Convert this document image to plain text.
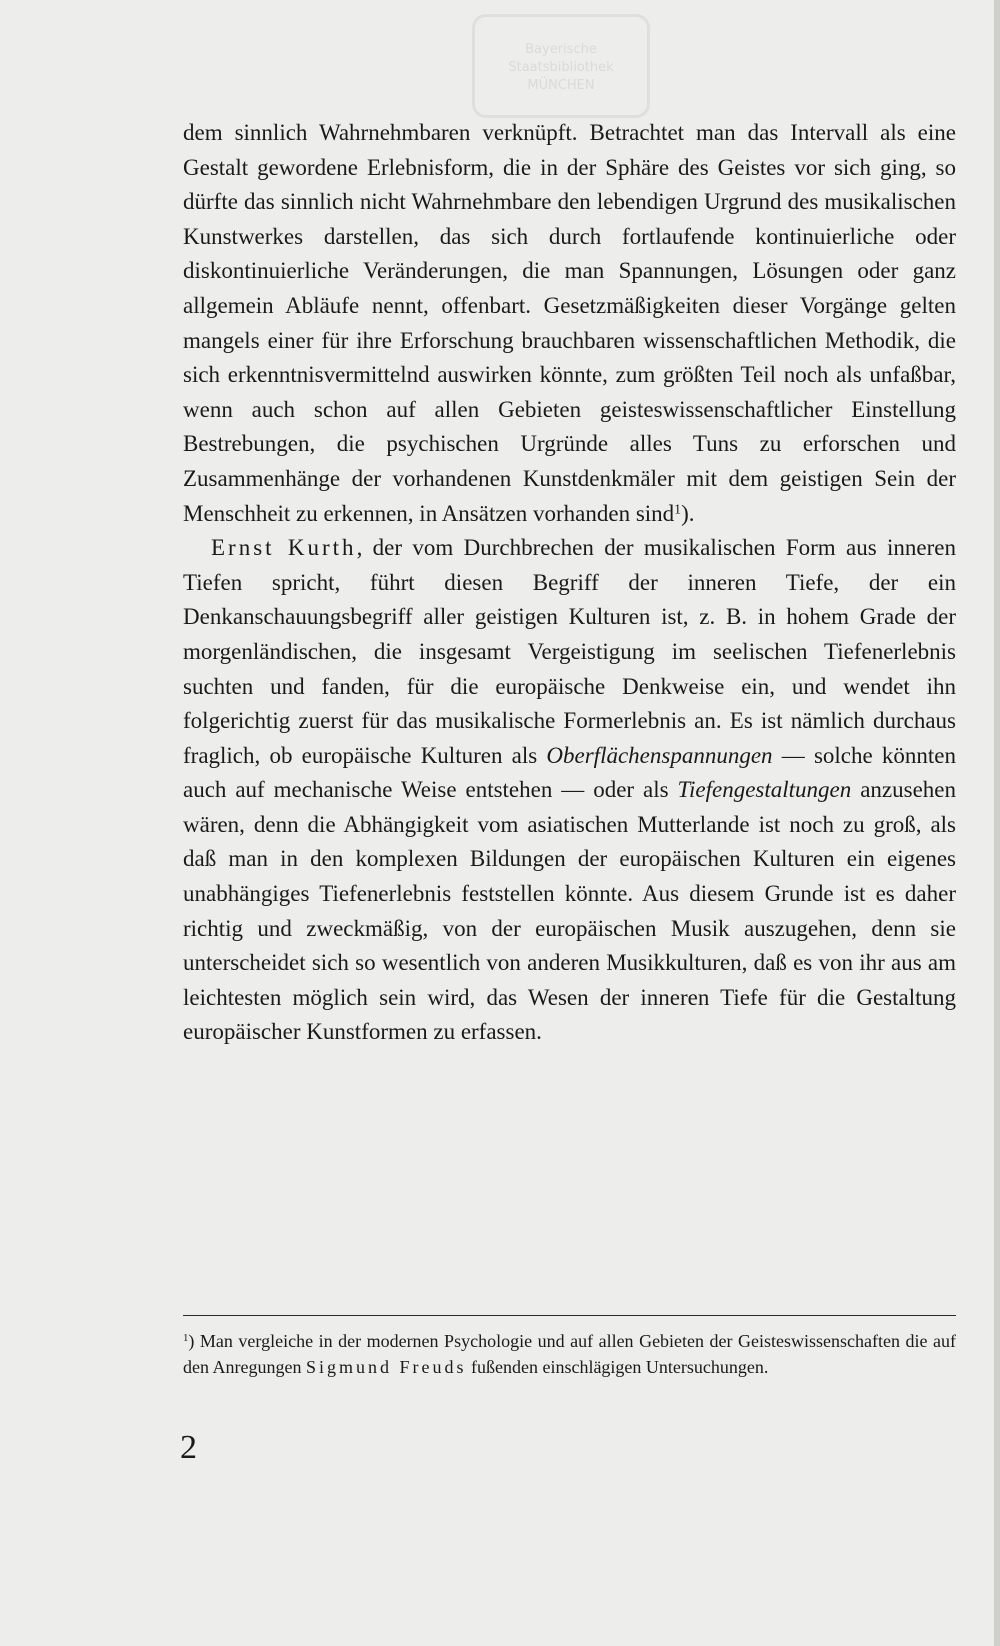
Bayerische
Staatsbibliothek
MÜNCHEN

dem sinnlich Wahrnehmbaren verknüpft. Betrachtet man das Intervall als eine Gestalt gewordene Erlebnisform, die in der Sphäre des Geistes vor sich ging, so dürfte das sinnlich nicht Wahrnehmbare den lebendigen Urgrund des musikalischen Kunstwerkes darstellen, das sich durch fortlaufende kontinuierliche oder diskontinuierliche Veränderungen, die man Spannungen, Lösungen oder ganz allgemein Abläufe nennt, offenbart. Gesetzmäßigkeiten dieser Vorgänge gelten mangels einer für ihre Erforschung brauchbaren wissenschaftlichen Methodik, die sich erkenntnisvermittelnd auswirken könnte, zum größten Teil noch als unfaßbar, wenn auch schon auf allen Gebieten geisteswissenschaftlicher Einstellung Bestrebungen, die psychischen Urgründe alles Tuns zu erforschen und Zusammenhänge der vorhandenen Kunstdenkmäler mit dem geistigen Sein der Menschheit zu erkennen, in Ansätzen vorhanden sind$^1$).

Ernst Kurth, der vom Durchbrechen der musikalischen Form aus inneren Tiefen spricht, führt diesen Begriff der inneren Tiefe, der ein Denkanschauungsbegriff aller geistigen Kulturen ist, z. B. in hohem Grade der morgenländischen, die insgesamt Vergeistigung im seelischen Tiefenerlebnis suchten und fanden, für die europäische Denkweise ein, und wendet ihn folgerichtig zuerst für das musikalische Formerlebnis an. Es ist nämlich durchaus fraglich, ob europäische Kulturen als Oberflächenspannungen — solche könnten auch auf mechanische Weise entstehen — oder als Tiefengestaltungen anzusehen wären, denn die Abhängigkeit vom asiatischen Mutterlande ist noch zu groß, als daß man in den komplexen Bildungen der europäischen Kulturen ein eigenes unabhängiges Tiefenerlebnis feststellen könnte. Aus diesem Grunde ist es daher richtig und zweckmäßig, von der europäischen Musik auszugehen, denn sie unterscheidet sich so wesentlich von anderen Musikkulturen, daß es von ihr aus am leichtesten möglich sein wird, das Wesen der inneren Tiefe für die Gestaltung europäischer Kunstformen zu erfassen.

$^1$) Man vergleiche in der modernen Psychologie und auf allen Gebieten der Geisteswissenschaften die auf den Anregungen Sigmund Freuds fußenden einschlägigen Untersuchungen.
2
